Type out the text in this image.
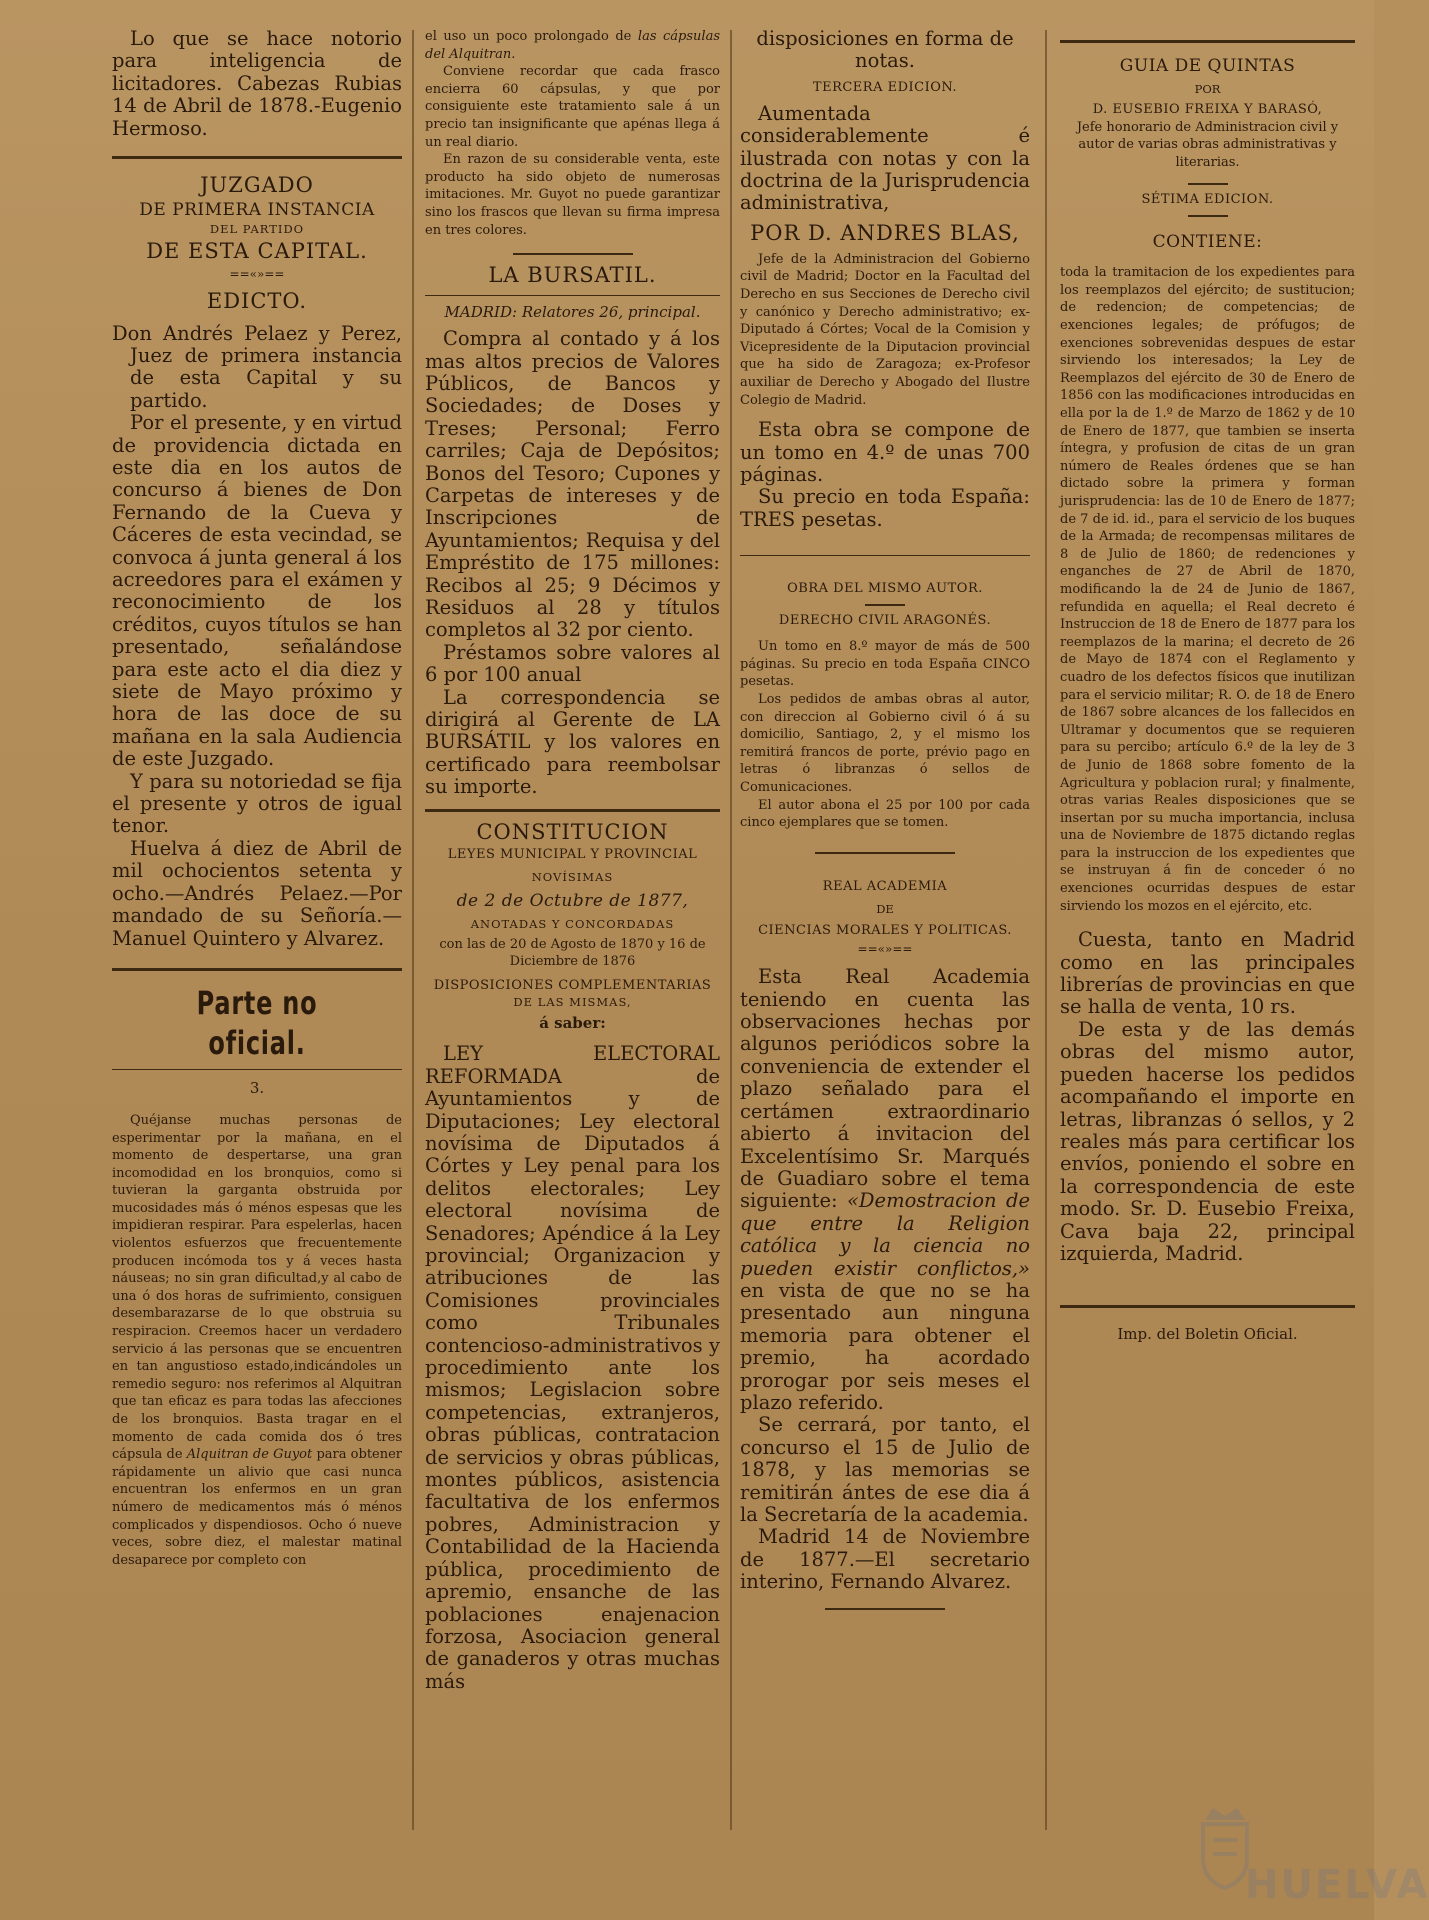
Lo que se hace notorio para inteligencia de licitadores. Cabezas Rubias 14 de Abril de 1878.-Eugenio Hermoso.

JUZGADO

DE PRIMERA INSTANCIA

DEL PARTIDO

DE ESTA CAPITAL.

==«»==

EDICTO.

Don Andrés Pelaez y Perez, Juez de primera instancia de esta Capital y su partido.

Por el presente, y en virtud de providencia dictada en este dia en los autos de concurso á bienes de Don Fernando de la Cueva y Cáceres de esta vecindad, se convoca á junta general á los acreedores para el exámen y reconocimiento de los créditos, cuyos títulos se han presentado, señalándose para este acto el dia diez y siete de Mayo próximo y hora de las doce de su mañana en la sala Audiencia de este Juzgado.

Y para su notoriedad se fija el presente y otros de igual tenor.

Huelva á diez de Abril de mil ochocientos setenta y ocho.—Andrés Pelaez.—Por mandado de su Señoría.—Manuel Quintero y Alvarez.

Parte no oficial.

3.

Quéjanse muchas personas de esperimentar por la mañana, en el momento de despertarse, una gran incomodidad en los bronquios, como si tuvieran la garganta obstruida por mucosidades más ó ménos espesas que les impidieran respirar. Para espelerlas, hacen violentos esfuerzos que frecuentemente producen incómoda tos y á veces hasta náuseas; no sin gran dificultad,y al cabo de una ó dos horas de sufrimiento, consiguen desembarazarse de lo que obstruia su respiracion. Creemos hacer un verdadero servicio á las personas que se encuentren en tan angustioso estado,indicándoles un remedio seguro: nos referimos al Alquitran que tan eficaz es para todas las afecciones de los bronquios. Basta tragar en el momento de cada comida dos ó tres cápsula de Alquitran de Guyot para obtener rápidamente un alivio que casi nunca encuentran los enfermos en un gran número de medicamentos más ó ménos complicados y dispendiosos. Ocho ó nueve veces, sobre diez, el malestar matinal desaparece por completo con

el uso un poco prolongado de las cápsulas del Alquitran.

Conviene recordar que cada frasco encierra 60 cápsulas, y que por consiguiente este tratamiento sale á un precio tan insignificante que apénas llega á un real diario.

En razon de su considerable venta, este producto ha sido objeto de numerosas imitaciones. Mr. Guyot no puede garantizar sino los frascos que llevan su firma impresa en tres colores.

LA BURSATIL.

MADRID: Relatores 26, principal.

Compra al contado y á los mas altos precios de Valores Públicos, de Bancos y Sociedades; de Doses y Treses; Personal; Ferro carriles; Caja de Depósitos; Bonos del Tesoro; Cupones y Carpetas de intereses y de Inscripciones de Ayuntamientos; Requisa y del Empréstito de 175 millones: Recibos al 25; 9 Décimos y Residuos al 28 y títulos completos al 32 por ciento.

Préstamos sobre valores al 6 por 100 anual

La correspondencia se dirigirá al Gerente de LA BURSÁTIL y los valores en certificado para reembolsar su importe.

CONSTITUCION

LEYES MUNICIPAL Y PROVINCIAL

NOVÍSIMAS

de 2 de Octubre de 1877,

ANOTADAS Y CONCORDADAS

con las de 20 de Agosto de 1870 y 16 de Diciembre de 1876

DISPOSICIONES COMPLEMENTARIAS

DE LAS MISMAS,

á saber:

LEY ELECTORAL REFORMADA de Ayuntamientos y de Diputaciones; Ley electoral novísima de Diputados á Córtes y Ley penal para los delitos electorales; Ley electoral novísima de Senadores; Apéndice á la Ley provincial; Organizacion y atribuciones de las Comisiones provinciales como Tribunales contencioso-administrativos y procedimiento ante los mismos; Legislacion sobre competencias, extranjeros, obras públicas, contratacion de servicios y obras públicas, montes públicos, asistencia facultativa de los enfermos pobres, Administracion y Contabilidad de la Hacienda pública, procedimiento de apremio, ensanche de las poblaciones enajenacion forzosa, Asociacion general de ganaderos y otras muchas más

disposiciones en forma de notas.

TERCERA EDICION.

Aumentada considerablemente é ilustrada con notas y con la doctrina de la Jurisprudencia administrativa,

POR D. ANDRES BLAS,

Jefe de la Administracion del Gobierno civil de Madrid; Doctor en la Facultad del Derecho en sus Secciones de Derecho civil y canónico y Derecho administrativo; ex-Diputado á Córtes; Vocal de la Comision y Vicepresidente de la Diputacion provincial que ha sido de Zaragoza; ex-Profesor auxiliar de Derecho y Abogado del Ilustre Colegio de Madrid.

Esta obra se compone de un tomo en 4.º de unas 700 páginas.

Su precio en toda España: TRES pesetas.

OBRA DEL MISMO AUTOR.

DERECHO CIVIL ARAGONÉS.

Un tomo en 8.º mayor de más de 500 páginas. Su precio en toda España CINCO pesetas.

Los pedidos de ambas obras al autor, con direccion al Gobierno civil ó á su domicilio, Santiago, 2, y el mismo los remitirá francos de porte, prévio pago en letras ó libranzas ó sellos de Comunicaciones.

El autor abona el 25 por 100 por cada cinco ejemplares que se tomen.

REAL ACADEMIA

DE

CIENCIAS MORALES Y POLITICAS.

==«»==

Esta Real Academia teniendo en cuenta las observaciones hechas por algunos periódicos sobre la conveniencia de extender el plazo señalado para el certámen extraordinario abierto á invitacion del Excelentísimo Sr. Marqués de Guadiaro sobre el tema siguiente: «Demostracion de que entre la Religion católica y la ciencia no pueden existir conflictos,» en vista de que no se ha presentado aun ninguna memoria para obtener el premio, ha acordado prorogar por seis meses el plazo referido.

Se cerrará, por tanto, el concurso el 15 de Julio de 1878, y las memorias se remitirán ántes de ese dia á la Secretaría de la academia.

Madrid 14 de Noviembre de 1877.—El secretario interino, Fernando Alvarez.

GUIA DE QUINTAS

POR

D. EUSEBIO FREIXA Y BARASÓ,

Jefe honorario de Administracion civil y autor de varias obras administrativas y literarias.

SÉTIMA EDICION.

CONTIENE:

toda la tramitacion de los expedientes para los reemplazos del ejército; de sustitucion; de redencion; de competencias; de exenciones legales; de prófugos; de exenciones sobrevenidas despues de estar sirviendo los interesados; la Ley de Reemplazos del ejército de 30 de Enero de 1856 con las modificaciones introducidas en ella por la de 1.º de Marzo de 1862 y de 10 de Enero de 1877, que tambien se inserta íntegra, y profusion de citas de un gran número de Reales órdenes que se han dictado sobre la primera y forman jurisprudencia: las de 10 de Enero de 1877; de 7 de id. id., para el servicio de los buques de la Armada; de recompensas militares de 8 de Julio de 1860; de redenciones y enganches de 27 de Abril de 1870, modificando la de 24 de Junio de 1867, refundida en aquella; el Real decreto é Instruccion de 18 de Enero de 1877 para los reemplazos de la marina; el decreto de 26 de Mayo de 1874 con el Reglamento y cuadro de los defectos físicos que inutilizan para el servicio militar; R. O. de 18 de Enero de 1867 sobre alcances de los fallecidos en Ultramar y documentos que se requieren para su percibo; artículo 6.º de la ley de 3 de Junio de 1868 sobre fomento de la Agricultura y poblacion rural; y finalmente, otras varias Reales disposiciones que se insertan por su mucha importancia, inclusa una de Noviembre de 1875 dictando reglas para la instruccion de los expedientes que se instruyan á fin de conceder ó no exenciones ocurridas despues de estar sirviendo los mozos en el ejército, etc.

Cuesta, tanto en Madrid como en las principales librerías de provincias en que se halla de venta, 10 rs.

De esta y de las demás obras del mismo autor, pueden hacerse los pedidos acompañando el importe en letras, libranzas ó sellos, y 2 reales más para certificar los envíos, poniendo el sobre en la correspondencia de este modo. Sr. D. Eusebio Freixa, Cava baja 22, principal izquierda, Madrid.

Imp. del Boletin Oficial.

HUELVA
